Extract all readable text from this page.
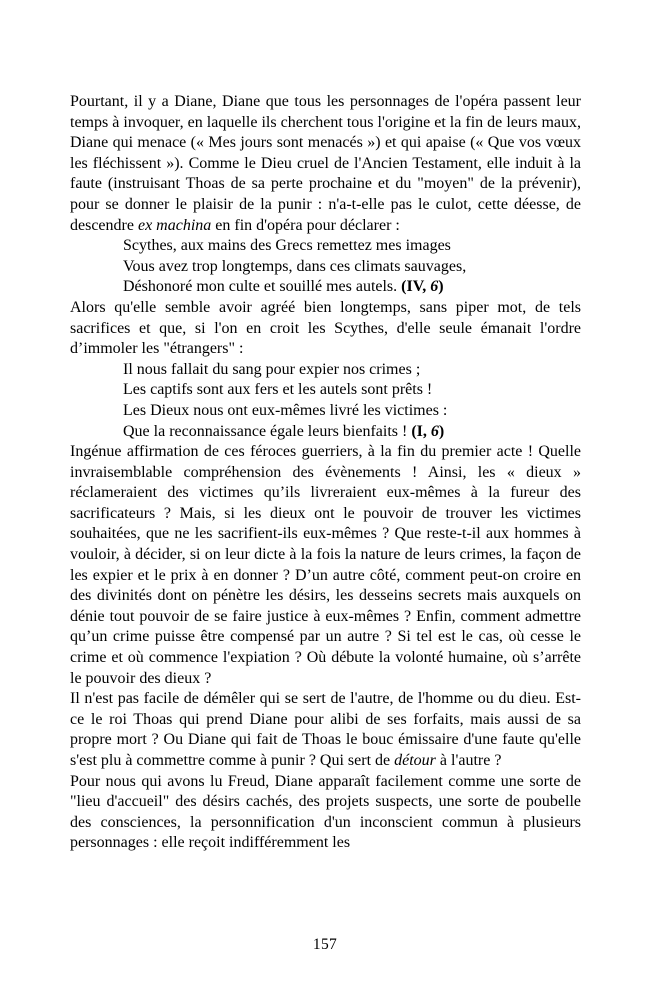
Pourtant, il y a Diane, Diane que tous les personnages de l'opéra passent leur temps à invoquer, en laquelle ils cherchent tous l'origine et la fin de leurs maux, Diane qui menace (« Mes jours sont menacés ») et qui apaise (« Que vos vœux les fléchissent »). Comme le Dieu cruel de l'Ancien Testament, elle induit à la faute (instruisant Thoas de sa perte prochaine et du "moyen" de la prévenir), pour se donner le plaisir de la punir : n'a-t-elle pas le culot, cette déesse, de descendre ex machina en fin d'opéra pour déclarer :

Scythes, aux mains des Grecs remettez mes images

Vous avez trop longtemps, dans ces climats sauvages,

Déshonoré mon culte et souillé mes autels. (IV, 6)

Alors qu'elle semble avoir agréé bien longtemps, sans piper mot, de tels sacrifices et que, si l'on en croit les Scythes, d'elle seule émanait l'ordre d’immoler les "étrangers" :

Il nous fallait du sang pour expier nos crimes ;

Les captifs sont aux fers et les autels sont prêts !

Les Dieux nous ont eux-mêmes livré les victimes :

Que la reconnaissance égale leurs bienfaits ! (I, 6)

Ingénue affirmation de ces féroces guerriers, à la fin du premier acte ! Quelle invraisemblable compréhension des évènements ! Ainsi, les « dieux » réclameraient des victimes qu’ils livreraient eux-mêmes à la fureur des sacrificateurs ? Mais, si les dieux ont le pouvoir de trouver les victimes souhaitées, que ne les sacrifient-ils eux-mêmes ? Que reste-t-il aux hommes à vouloir, à décider, si on leur dicte à la fois la nature de leurs crimes, la façon de les expier et le prix à en donner ? D’un autre côté, comment peut-on croire en des divinités dont on pénètre les désirs, les desseins secrets mais auxquels on dénie tout pouvoir de se faire justice à eux-mêmes ? Enfin, comment admettre qu’un crime puisse être compensé par un autre ? Si tel est le cas, où cesse le crime et où commence l'expiation ? Où débute la volonté humaine, où s’arrête le pouvoir des dieux ?

Il n'est pas facile de démêler qui se sert de l'autre, de l'homme ou du dieu. Est-ce le roi Thoas qui prend Diane pour alibi de ses forfaits, mais aussi de sa propre mort ? Ou Diane qui fait de Thoas le bouc émissaire d'une faute qu'elle s'est plu à commettre comme à punir ? Qui sert de détour à l'autre ?

Pour nous qui avons lu Freud, Diane apparaît facilement comme une sorte de "lieu d'accueil" des désirs cachés, des projets suspects, une sorte de poubelle des consciences, la personnification d'un inconscient commun à plusieurs personnages : elle reçoit indifféremment les

157
